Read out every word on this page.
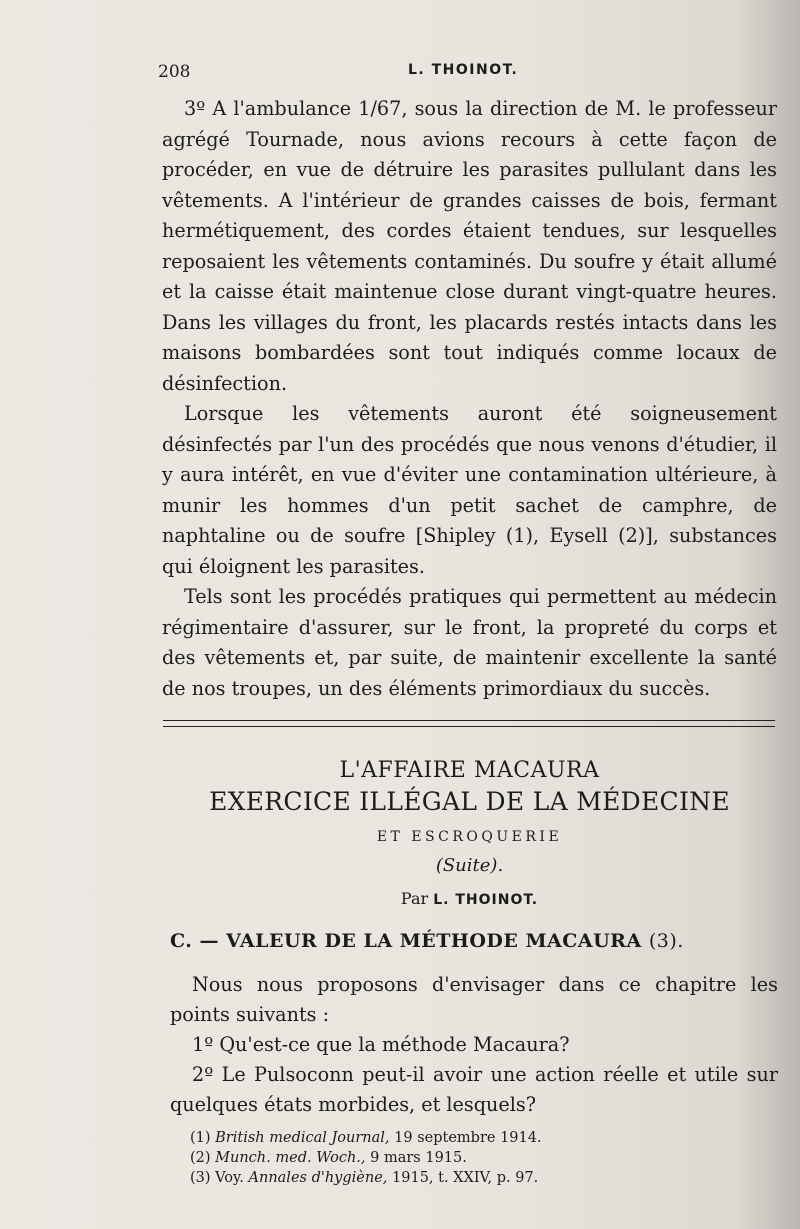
208	L. THOINOT.

3º A l'ambulance 1/67, sous la direction de M. le professeur agrégé Tournade, nous avions recours à cette façon de procéder, en vue de détruire les parasites pullulant dans les vêtements. A l'intérieur de grandes caisses de bois, fermant hermétiquement, des cordes étaient tendues, sur lesquelles reposaient les vêtements contaminés. Du soufre y était allumé et la caisse était maintenue close durant vingt-quatre heures. Dans les villages du front, les placards restés intacts dans les maisons bombardées sont tout indiqués comme locaux de désinfection.

Lorsque les vêtements auront été soigneusement désinfectés par l'un des procédés que nous venons d'étudier, il y aura intérêt, en vue d'éviter une contamination ultérieure, à munir les hommes d'un petit sachet de camphre, de naphtaline ou de soufre [Shipley (1), Eysell (2)], substances qui éloignent les parasites.

Tels sont les procédés pratiques qui permettent au médecin régimentaire d'assurer, sur le front, la propreté du corps et des vêtements et, par suite, de maintenir excellente la santé de nos troupes, un des éléments primordiaux du succès.

L'AFFAIRE MACAURA
EXERCICE ILLÉGAL DE LA MÉDECINE
ET ESCROQUERIE
(Suite).
Par L. THOINOT.
C. — VALEUR DE LA MÉTHODE MACAURA (3).

Nous nous proposons d'envisager dans ce chapitre les points suivants :

1º Qu'est-ce que la méthode Macaura?

2º Le Pulsoconn peut-il avoir une action réelle et utile sur quelques états morbides, et lesquels?

(1) British medical Journal, 19 septembre 1914.
(2) Munch. med. Woch., 9 mars 1915.
(3) Voy. Annales d'hygiène, 1915, t. XXIV, p. 97.
